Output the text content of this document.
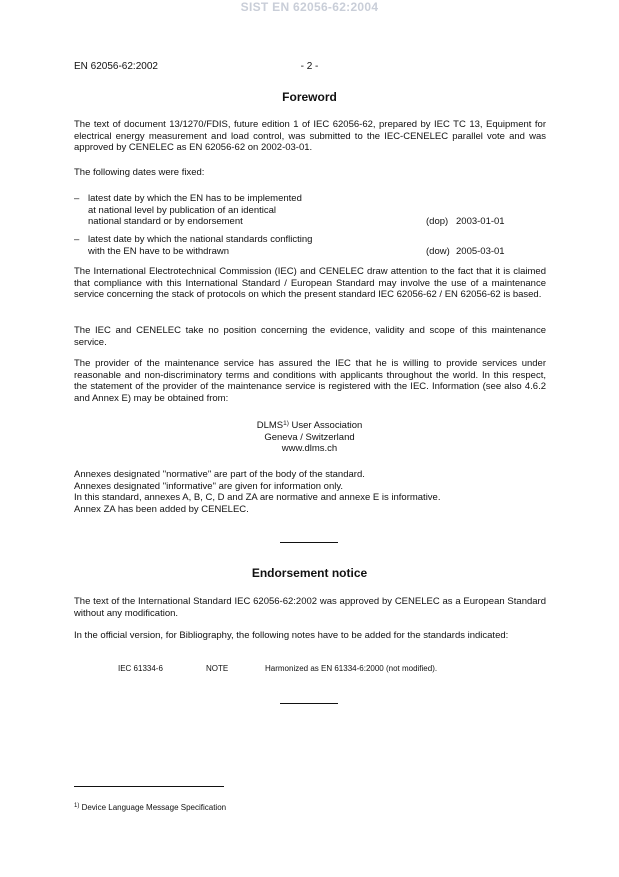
SIST EN 62056-62:2004
EN 62056-62:2002	- 2 -
Foreword
The text of document 13/1270/FDIS, future edition 1 of IEC 62056-62, prepared by IEC TC 13, Equipment for electrical energy measurement and load control, was submitted to the IEC-CENELEC parallel vote and was approved by CENELEC as EN 62056-62 on 2002-03-01.
The following dates were fixed:
– latest date by which the EN has to be implemented
at national level by publication of an identical
national standard or by endorsement	(dop) 2003-01-01
– latest date by which the national standards conflicting
with the EN have to be withdrawn	(dow) 2005-03-01
The International Electrotechnical Commission (IEC) and CENELEC draw attention to the fact that it is claimed that compliance with this International Standard / European Standard may involve the use of a maintenance service concerning the stack of protocols on which the present standard IEC 62056-62 / EN 62056-62 is based.
The IEC and CENELEC take no position concerning the evidence, validity and scope of this maintenance service.
The provider of the maintenance service has assured the IEC that he is willing to provide services under reasonable and non-discriminatory terms and conditions with applicants throughout the world. In this respect, the statement of the provider of the maintenance service is registered with the IEC. Information (see also 4.6.2 and Annex E) may be obtained from:
DLMS$^{1)}$ User Association
Geneva / Switzerland
www.dlms.ch
Annexes designated "normative" are part of the body of the standard.
Annexes designated "informative" are given for information only.
In this standard, annexes A, B, C, D and ZA are normative and annexe E is informative.
Annex ZA has been added by CENELEC.
Endorsement notice
The text of the International Standard IEC 62056-62:2002 was approved by CENELEC as a European Standard without any modification.
In the official version, for Bibliography, the following notes have to be added for the standards indicated:
IEC 61334-6	NOTE	Harmonized as EN 61334-6:2000 (not modified).
$^{1)}$ Device Language Message Specification
